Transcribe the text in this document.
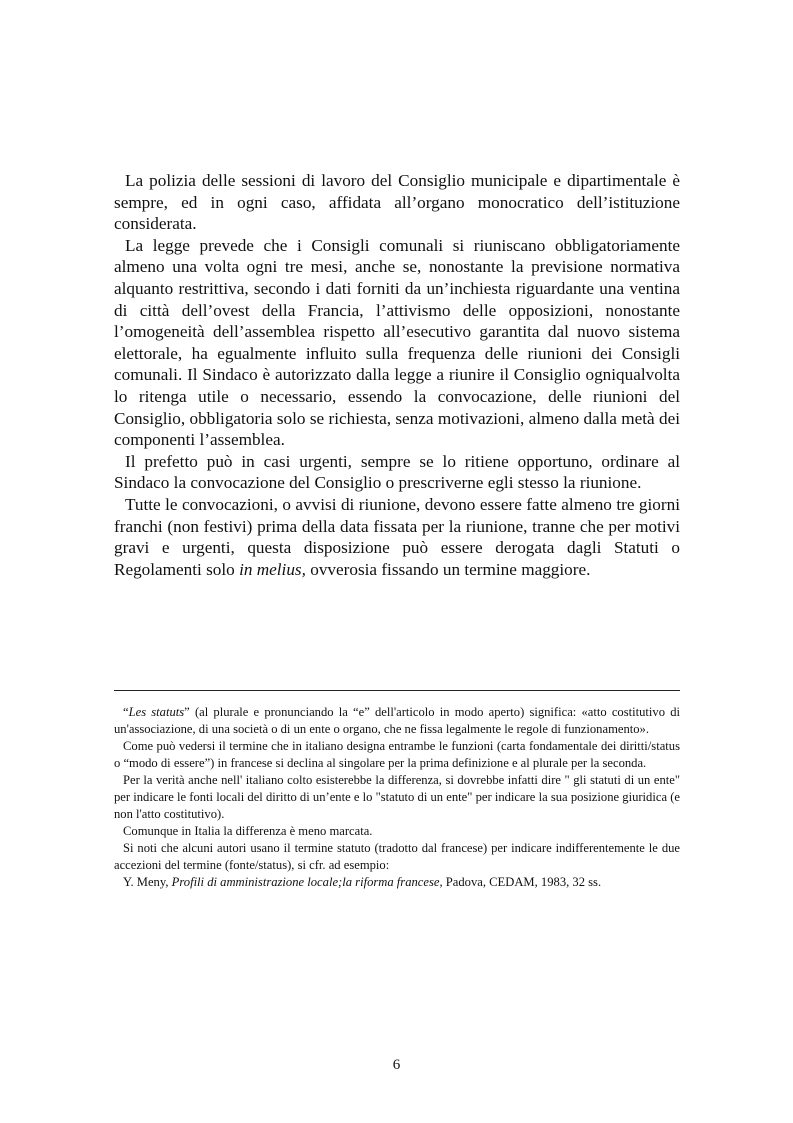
La polizia delle sessioni di lavoro del Consiglio municipale e dipartimentale è sempre, ed in ogni caso, affidata all’organo monocratico dell’istituzione considerata.

La legge prevede che i Consigli comunali si riuniscano obbligatoriamente almeno una volta ogni tre mesi, anche se, nonostante la previsione normativa alquanto restrittiva, secondo i dati forniti da un’inchiesta riguardante una ventina di città dell’ovest della Francia, l’attivismo delle opposizioni, nonostante l’omogeneità dell’assemblea rispetto all’esecutivo garantita dal nuovo sistema elettorale, ha egualmente influito sulla frequenza delle riunioni dei Consigli comunali. Il Sindaco è autorizzato dalla legge a riunire il Consiglio ogniqualvolta lo ritenga utile o necessario, essendo la convocazione, delle riunioni del Consiglio, obbligatoria solo se richiesta, senza motivazioni, almeno dalla metà dei componenti l’assemblea.

Il prefetto può in casi urgenti, sempre se lo ritiene opportuno, ordinare al Sindaco la convocazione del Consiglio o prescriverne egli stesso la riunione.

Tutte le convocazioni, o avvisi di riunione, devono essere fatte almeno tre giorni franchi (non festivi) prima della data fissata per la riunione, tranne che per motivi gravi e urgenti, questa disposizione può essere derogata dagli Statuti o Regolamenti solo in melius, ovverosia fissando un termine maggiore.

“Les statuts” (al plurale e pronunciando la “e” dell'articolo in modo aperto) significa: «atto costitutivo di un'associazione, di una società o di un ente o organo, che ne fissa legalmente le regole di funzionamento».

Come può vedersi il termine che in italiano designa entrambe le funzioni (carta fondamentale dei diritti/status o “modo di essere”) in francese si declina al singolare per la prima definizione e al plurale per la seconda.

Per la verità anche nell' italiano colto esisterebbe la differenza, si dovrebbe infatti dire " gli statuti di un ente" per indicare le fonti locali del diritto di un’ente e lo "statuto di un ente" per indicare la sua posizione giuridica (e non l'atto costitutivo).

Comunque in Italia la differenza è meno marcata.

Si noti che alcuni autori usano il termine statuto (tradotto dal francese) per indicare indifferentemente le due accezioni del termine (fonte/status), si cfr. ad esempio:

Y. Meny, Profili di amministrazione locale;la riforma francese, Padova, CEDAM, 1983, 32 ss.

6
